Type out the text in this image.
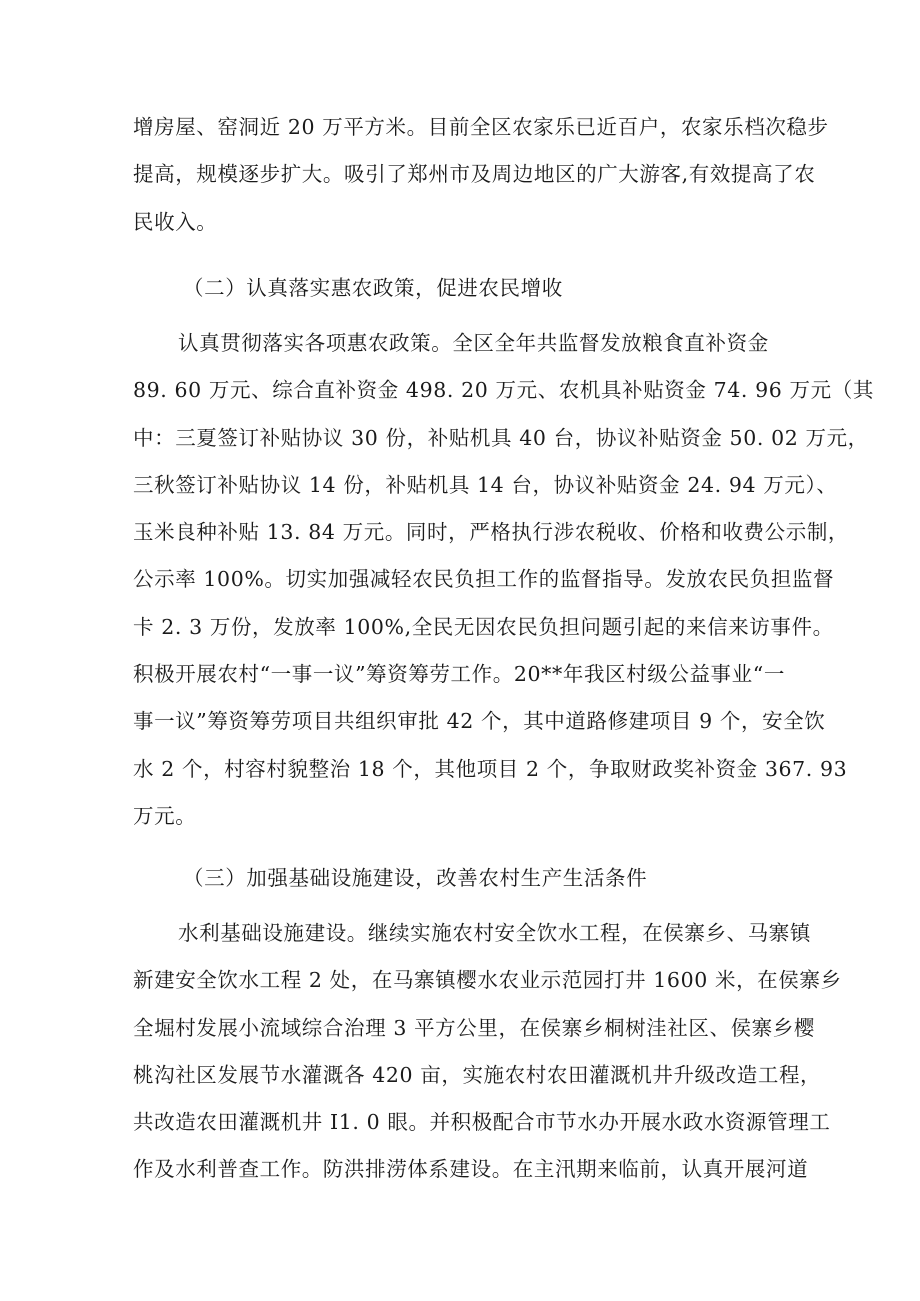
增房屋、窑洞近 20 万平方米。目前全区农家乐已近百户，农家乐档次稳步
提高，规模逐步扩大。吸引了郑州市及周边地区的广大游客,有效提高了农
民收入。
（二）认真落实惠农政策，促进农民增收
认真贯彻落实各项惠农政策。全区全年共监督发放粮食直补资金
89. 60 万元、综合直补资金 498. 20 万元、农机具补贴资金 74. 96 万元（其
中：三夏签订补贴协议 30 份，补贴机具 40 台，协议补贴资金 50. 02 万元，
三秋签订补贴协议 14 份，补贴机具 14 台，协议补贴资金 24. 94 万元）、
玉米良种补贴 13. 84 万元。同时，严格执行涉农税收、价格和收费公示制，
公示率 100%。切实加强减轻农民负担工作的监督指导。发放农民负担监督
卡 2. 3 万份，发放率 100%,全民无因农民负担问题引起的来信来访事件。
积极开展农村“一事一议”筹资筹劳工作。20**年我区村级公益事业“一
事一议”筹资筹劳项目共组织审批 42 个，其中道路修建项目 9 个，安全饮
水 2 个，村容村貌整治 18 个，其他项目 2 个，争取财政奖补资金 367. 93
万元。
（三）加强基础设施建设，改善农村生产生活条件
水利基础设施建设。继续实施农村安全饮水工程，在侯寨乡、马寨镇
新建安全饮水工程 2 处，在马寨镇樱水农业示范园打井 1600 米，在侯寨乡
全堀村发展小流域综合治理 3 平方公里，在侯寨乡桐树洼社区、侯寨乡樱
桃沟社区发展节水灌溉各 420 亩，实施农村农田灌溉机井升级改造工程，
共改造农田灌溉机井 I1. 0 眼。并积极配合市节水办开展水政水资源管理工
作及水利普查工作。防洪排涝体系建设。在主汛期来临前，认真开展河道
